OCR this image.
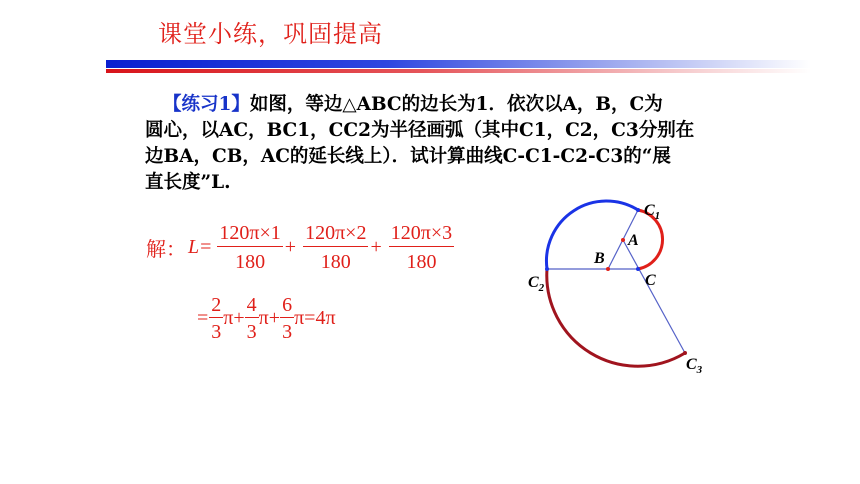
课堂小练，巩固提高
【练习1】如图，等边△ABC的边长为1．依次以A，B，C为
圆心，以AC，BC1，CC2为半径画弧（其中C1，C2，C3分别在
边BA，CB，AC的延长线上）．试计算曲线C-C1-C2-C3的“展
直长度”L.
解： $L= \frac{120\pi\times 1}{180} + \frac{120\pi\times 2}{180} + \frac{120\pi\times 3}{180}$
= $\frac{2}{3} \pi+ \frac{4}{3} \pi+ \frac{6}{3} \pi=4\pi$
A
B
C
$C_1$
$C_2$
$C_3$
